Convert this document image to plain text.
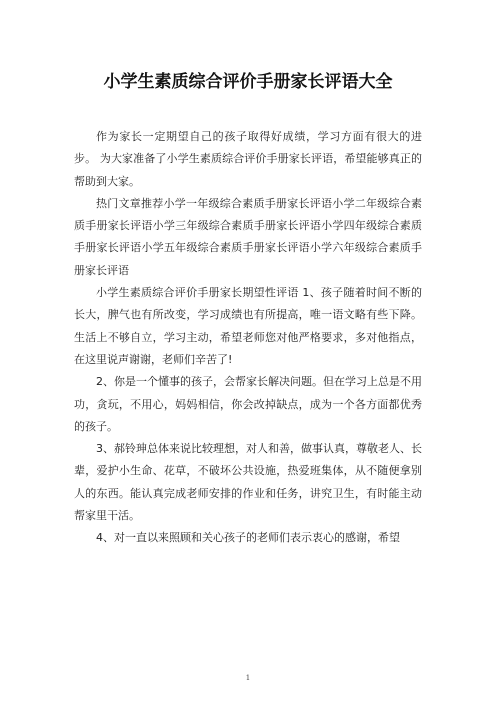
小学生素质综合评价手册家长评语大全

作为家长一定期望自己的孩子取得好成绩，学习方面有很大的进步。 为大家准备了小学生素质综合评价手册家长评语，希望能够真正的帮助到大家。

热门文章推荐小学一年级综合素质手册家长评语小学二年级综合素质手册家长评语小学三年级综合素质手册家长评语小学四年级综合素质手册家长评语小学五年级综合素质手册家长评语小学六年级综合素质手册家长评语

小学生素质综合评价手册家长期望性评语 1、孩子随着时间不断的长大，脾气也有所改变，学习成绩也有所提高，唯一语文略有些下降。生活上不够自立，学习主动，希望老师您对他严格要求，多对他指点，在这里说声谢谢，老师们辛苦了!

2、你是一个懂事的孩子，会帮家长解决问题。但在学习上总是不用功，贪玩，不用心，妈妈相信，你会改掉缺点，成为一个各方面都优秀的孩子。

3、郝铃珅总体来说比较理想，对人和善，做事认真，尊敬老人、长辈，爱护小生命、花草，不破坏公共设施，热爱班集体，从不随便拿别人的东西。能认真完成老师安排的作业和任务，讲究卫生，有时能主动帮家里干活。

4、对一直以来照顾和关心孩子的老师们表示衷心的感谢，希望

1
